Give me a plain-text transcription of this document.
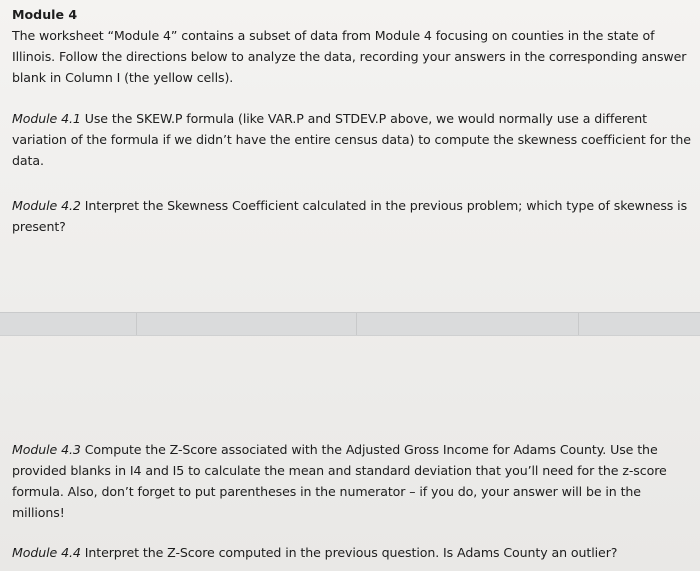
Module 4

The worksheet “Module 4” contains a subset of data from Module 4 focusing on counties in the state of Illinois. Follow the directions below to analyze the data, recording your answers in the corresponding answer blank in Column I (the yellow cells).

Module 4.1 Use the SKEW.P formula (like VAR.P and STDEV.P above, we would normally use a different variation of the formula if we didn’t have the entire census data) to compute the skewness coefficient for the data.

Module 4.2 Interpret the Skewness Coefficient calculated in the previous problem; which type of skewness is present?

Module 4.3 Compute the Z-Score associated with the Adjusted Gross Income for Adams County. Use the provided blanks in I4 and I5 to calculate the mean and standard deviation that you’ll need for the z-score formula. Also, don’t forget to put parentheses in the numerator – if you do, your answer will be in the millions!

Module 4.4 Interpret the Z-Score computed in the previous question. Is Adams County an outlier?
